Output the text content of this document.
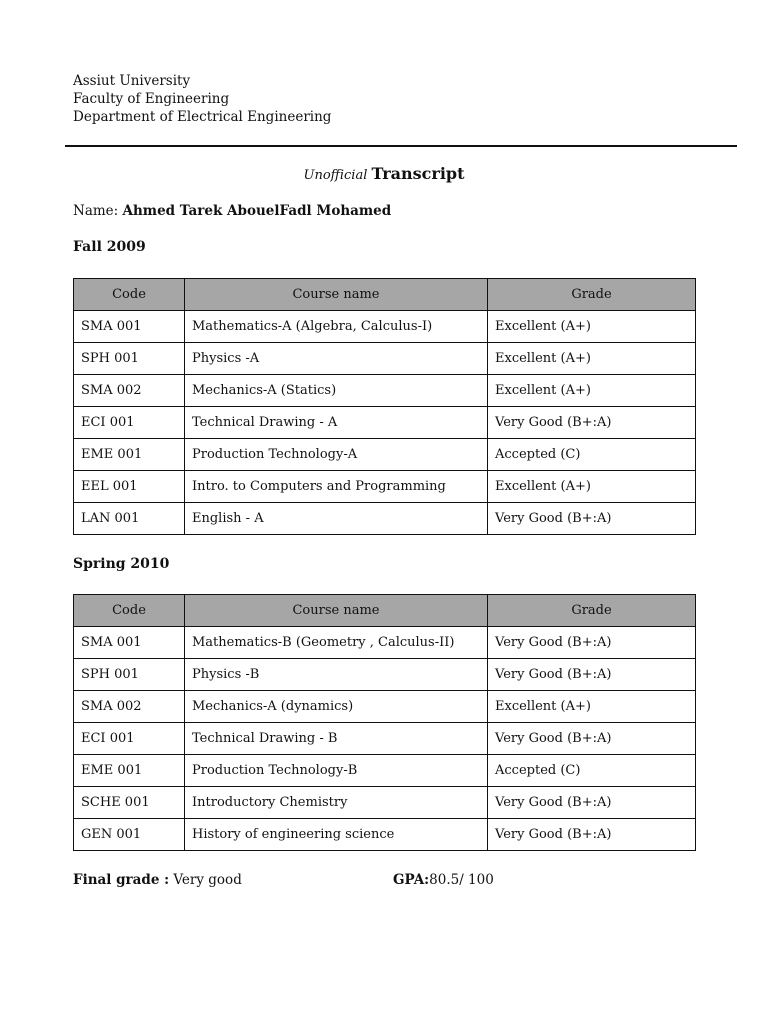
Assiut University
Faculty of Engineering
Department of Electrical Engineering
Unofficial Transcript
Name: Ahmed Tarek AbouelFadl Mohamed
Fall 2009
Code	Course name	Grade
SMA 001	Mathematics-A (Algebra, Calculus-I)	Excellent (A+)
SPH 001	Physics -A	Excellent (A+)
SMA 002	Mechanics-A (Statics)	Excellent (A+)
ECI 001	Technical Drawing - A	Very Good (B+:A)
EME 001	Production Technology-A	Accepted (C)
EEL 001	Intro. to Computers and Programming	Excellent (A+)
LAN 001	English - A	Very Good (B+:A)
Spring 2010
Code	Course name	Grade
SMA 001	Mathematics-B (Geometry , Calculus-II)	Very Good (B+:A)
SPH 001	Physics -B	Very Good (B+:A)
SMA 002	Mechanics-A (dynamics)	Excellent (A+)
ECI 001	Technical Drawing - B	Very Good (B+:A)
EME 001	Production Technology-B	Accepted (C)
SCHE 001	Introductory Chemistry	Very Good (B+:A)
GEN 001	History of engineering science	Very Good (B+:A)
Final grade : Very good	GPA:80.5/ 100
